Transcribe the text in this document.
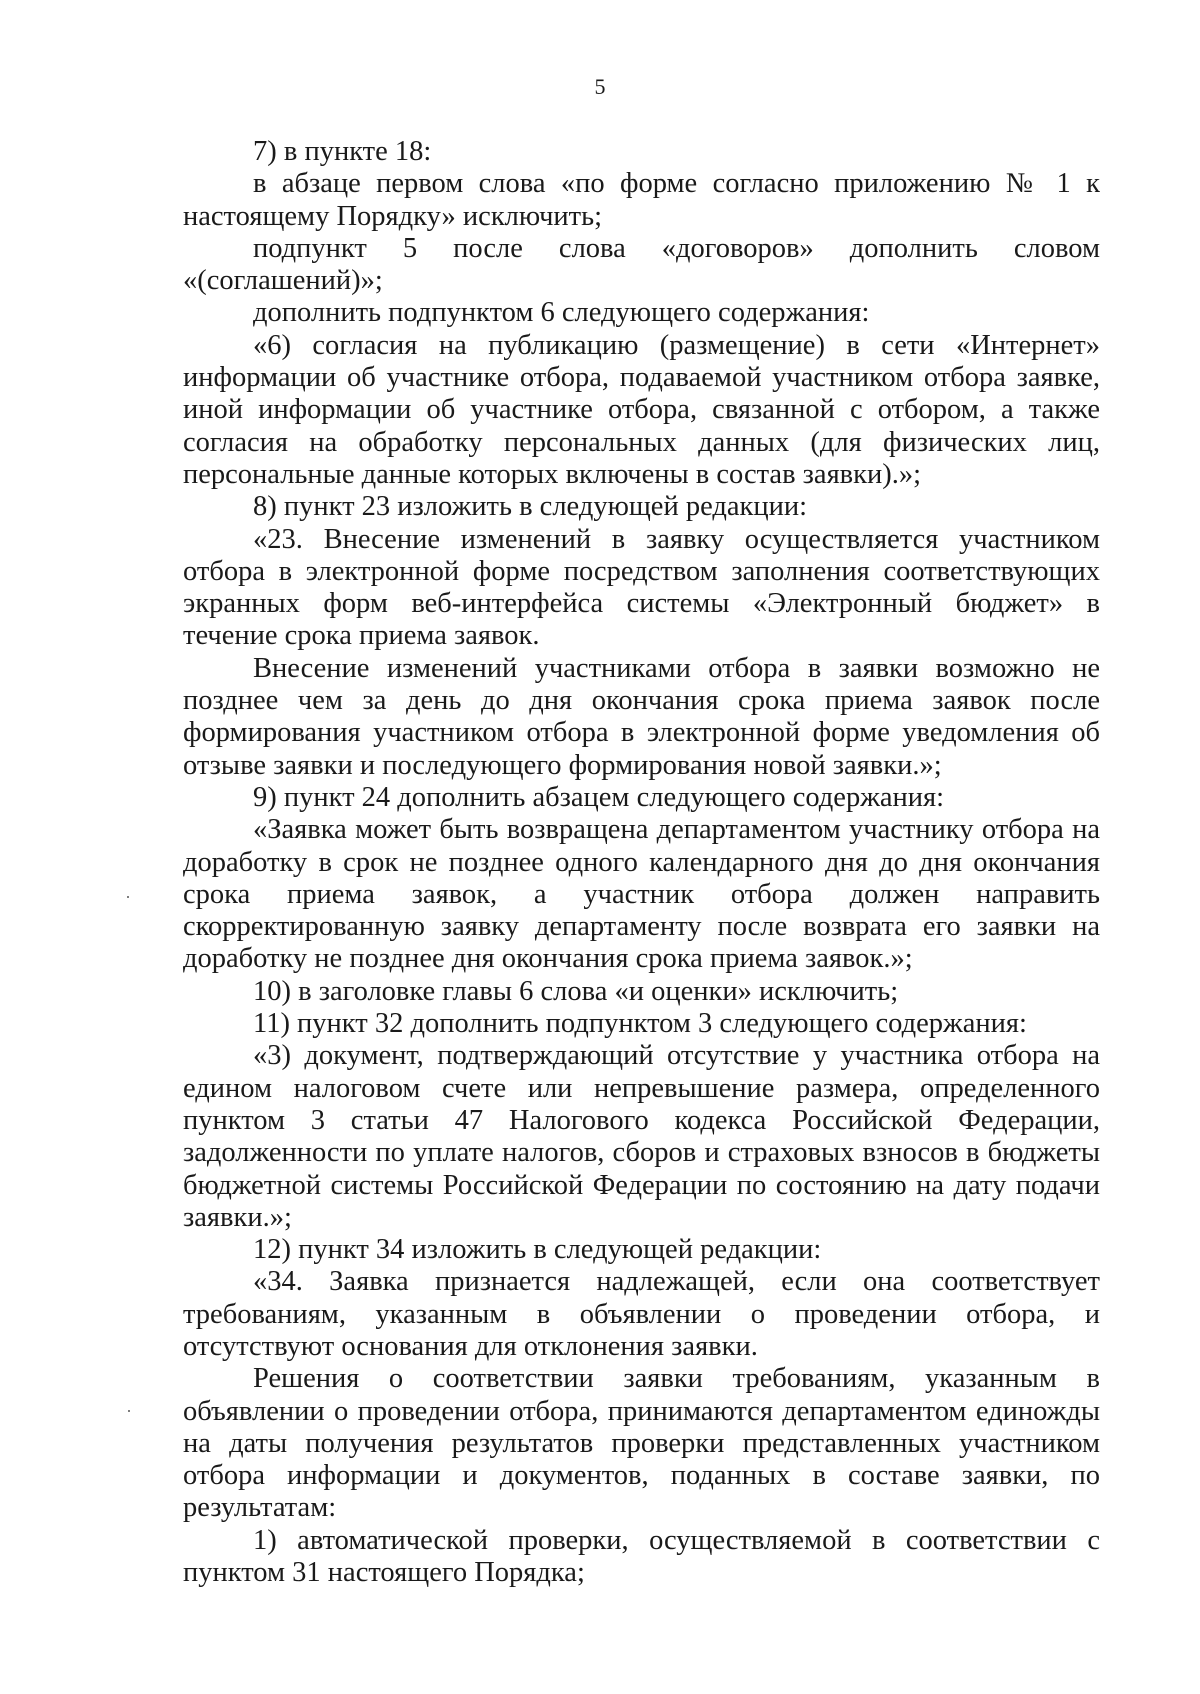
5

7) в пункте 18:

в абзаце первом слова «по форме согласно приложению № 1 к настоящему Порядку» исключить;

подпункт 5 после слова «договоров» дополнить словом «(соглашений)»;

дополнить подпунктом 6 следующего содержания:

«6) согласия на публикацию (размещение) в сети «Интернет» информации об участнике отбора, подаваемой участником отбора заявке, иной информации об участнике отбора, связанной с отбором, а также согласия на обработку персональных данных (для физических лиц, персональные данные которых включены в состав заявки).»;

8) пункт 23 изложить в следующей редакции:

«23. Внесение изменений в заявку осуществляется участником отбора в электронной форме посредством заполнения соответствующих экранных форм веб-интерфейса системы «Электронный бюджет» в течение срока приема заявок.

Внесение изменений участниками отбора в заявки возможно не позднее чем за день до дня окончания срока приема заявок после формирования участником отбора в электронной форме уведомления об отзыве заявки и последующего формирования новой заявки.»;

9) пункт 24 дополнить абзацем следующего содержания:

«Заявка может быть возвращена департаментом участнику отбора на доработку в срок не позднее одного календарного дня до дня окончания срока приема заявок, а участник отбора должен направить скорректированную заявку департаменту после возврата его заявки на доработку не позднее дня окончания срока приема заявок.»;

10) в заголовке главы 6 слова «и оценки» исключить;

11) пункт 32 дополнить подпунктом 3 следующего содержания:

«3) документ, подтверждающий отсутствие у участника отбора на едином налоговом счете или непревышение размера, определенного пунктом 3 статьи 47 Налогового кодекса Российской Федерации, задолженности по уплате налогов, сборов и страховых взносов в бюджеты бюджетной системы Российской Федерации по состоянию на дату подачи заявки.»;

12) пункт 34 изложить в следующей редакции:

«34. Заявка признается надлежащей, если она соответствует требованиям, указанным в объявлении о проведении отбора, и отсутствуют основания для отклонения заявки.

Решения о соответствии заявки требованиям, указанным в объявлении о проведении отбора, принимаются департаментом единожды на даты получения результатов проверки представленных участником отбора информации и документов, поданных в составе заявки, по результатам:

1) автоматической проверки, осуществляемой в соответствии с пунктом 31 настоящего Порядка;
